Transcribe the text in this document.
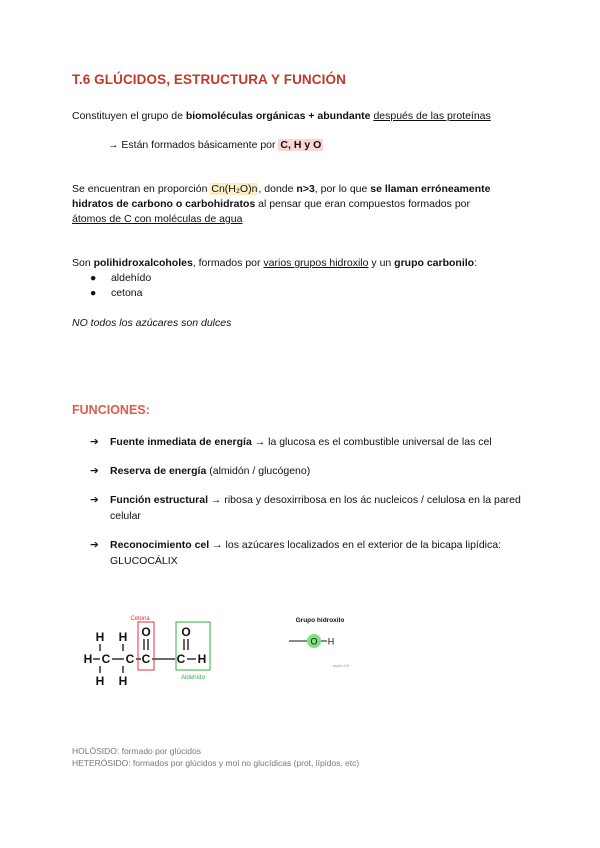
T.6 GLÚCIDOS, ESTRUCTURA Y FUNCIÓN
Constituyen el grupo de biomoléculas orgánicas + abundante después de las proteínas
→ Están formados básicamente por C, H y O
Se encuentran en proporción Cn(H₂O)n, donde n>3, por lo que se llaman erróneamente
hidratos de carbono o carbohidratos al pensar que eran compuestos formados por
átomos de C con moléculas de agua
Son polihidroxalcoholes, formados por varios grupos hidroxilo y un grupo carbonilo:
●     aldehído
●     cetona
NO todos los azúcares son dulces
FUNCIONES:
➔ Fuente inmediata de energía → la glucosa es el combustible universal de las cel
➔ Reserva de energía (almidón / glucógeno)
➔ Función estructural → ribosa y desoxirribosa en los ác nucleicos / celulosa en la pared celular
➔ Reconocimiento cel → los azúcares localizados en el exterior de la bicapa lipídica: GLUCOCÁLIX
H H O	O
H C C C C H
H H
Cetona
Aldehído
Grupo hidroxilo
O H
alquilo-OH
HOLÓSIDO: formado por glúcidos
HETERÓSIDO: formados por glúcidos y mol no glucídicas (prot, lípidos, etc)
